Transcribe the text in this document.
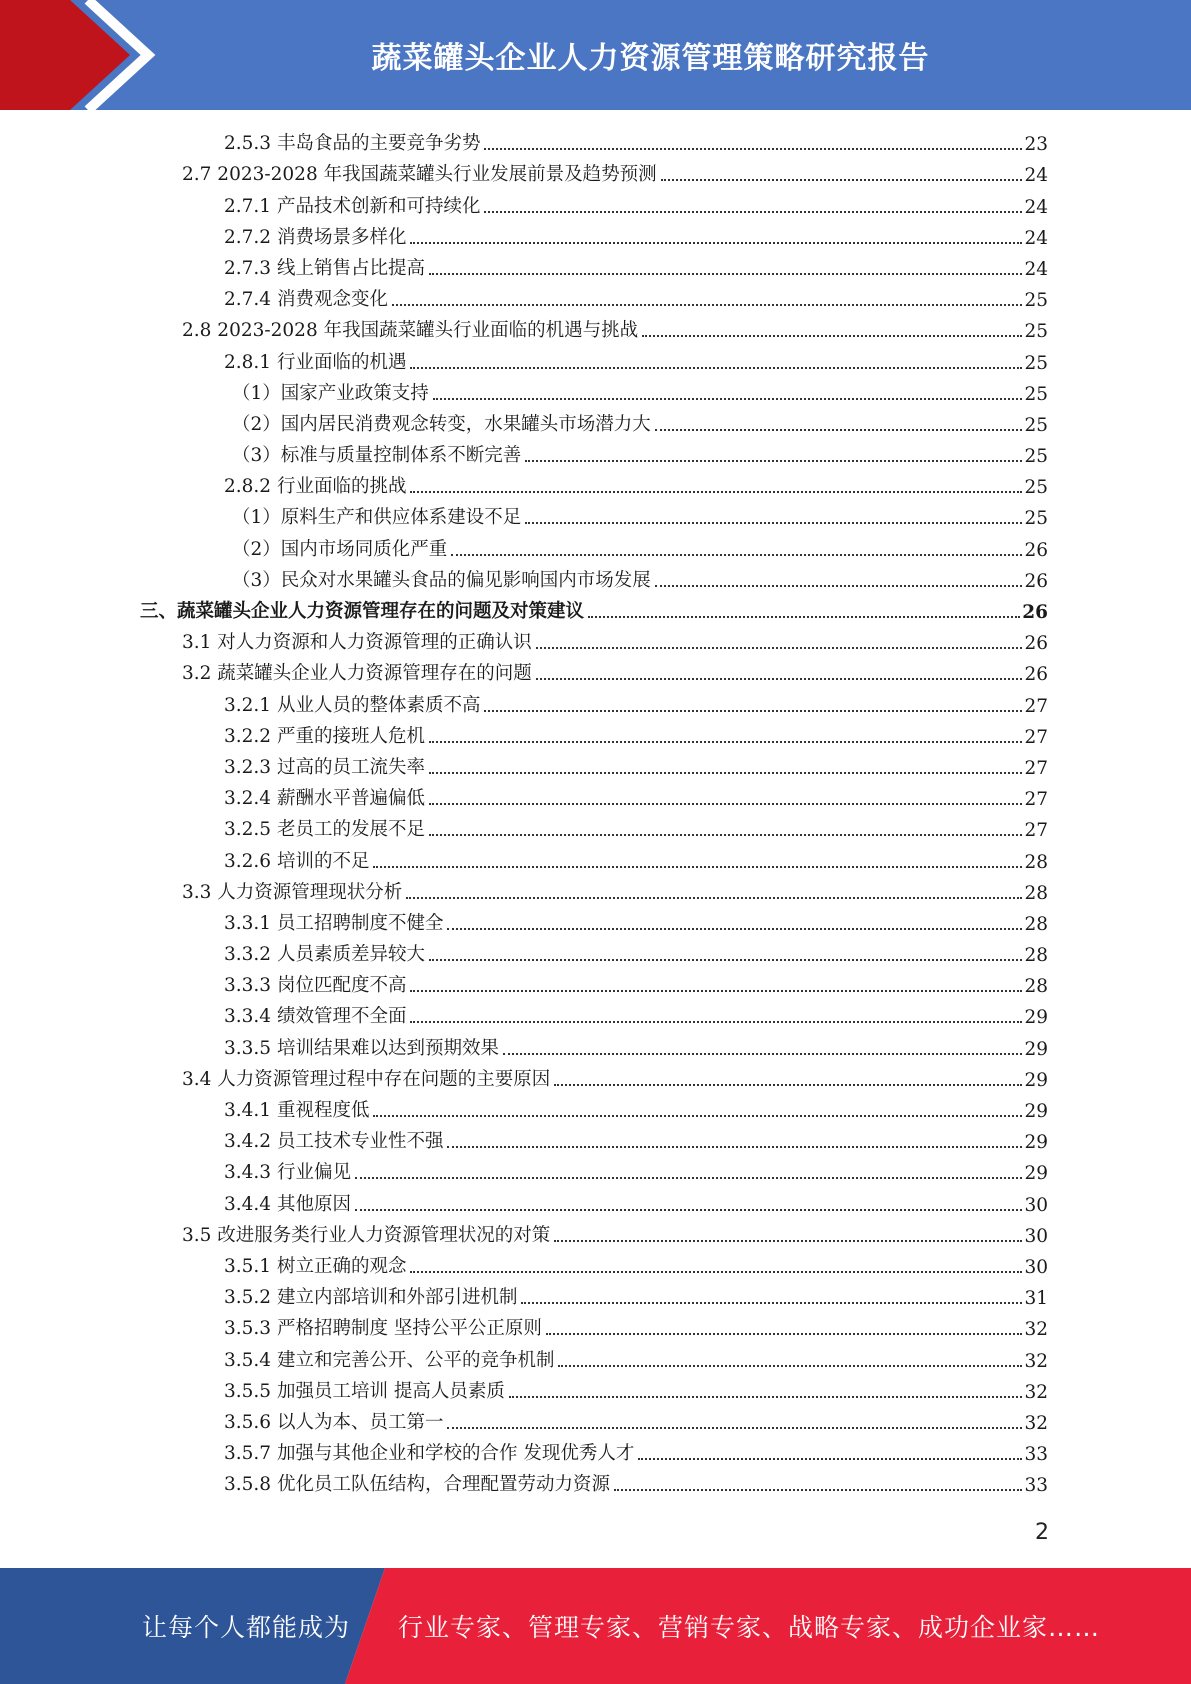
蔬菜罐头企业人力资源管理策略研究报告
2.5.3 丰岛食品的主要竞争劣势	23
2.7 2023-2028 年我国蔬菜罐头行业发展前景及趋势预测	24
2.7.1 产品技术创新和可持续化	24
2.7.2 消费场景多样化	24
2.7.3 线上销售占比提高	24
2.7.4 消费观念变化	25
2.8 2023-2028 年我国蔬菜罐头行业面临的机遇与挑战	25
2.8.1 行业面临的机遇	25
（1）国家产业政策支持	25
（2）国内居民消费观念转变，水果罐头市场潜力大	25
（3）标准与质量控制体系不断完善	25
2.8.2 行业面临的挑战	25
（1）原料生产和供应体系建设不足	25
（2）国内市场同质化严重	26
（3）民众对水果罐头食品的偏见影响国内市场发展	26
三、蔬菜罐头企业人力资源管理存在的问题及对策建议	26
3.1 对人力资源和人力资源管理的正确认识	26
3.2 蔬菜罐头企业人力资源管理存在的问题	26
3.2.1 从业人员的整体素质不高	27
3.2.2 严重的接班人危机	27
3.2.3 过高的员工流失率	27
3.2.4 薪酬水平普遍偏低	27
3.2.5 老员工的发展不足	27
3.2.6 培训的不足	28
3.3 人力资源管理现状分析	28
3.3.1 员工招聘制度不健全	28
3.3.2 人员素质差异较大	28
3.3.3 岗位匹配度不高	28
3.3.4 绩效管理不全面	29
3.3.5 培训结果难以达到预期效果	29
3.4 人力资源管理过程中存在问题的主要原因	29
3.4.1 重视程度低	29
3.4.2 员工技术专业性不强	29
3.4.3 行业偏见	29
3.4.4 其他原因	30
3.5 改进服务类行业人力资源管理状况的对策	30
3.5.1 树立正确的观念	30
3.5.2 建立内部培训和外部引进机制	31
3.5.3 严格招聘制度 坚持公平公正原则	32
3.5.4 建立和完善公开、公平的竞争机制	32
3.5.5 加强员工培训 提高人员素质	32
3.5.6 以人为本、员工第一	32
3.5.7 加强与其他企业和学校的合作 发现优秀人才	33
3.5.8 优化员工队伍结构，合理配置劳动力资源	33
2
让每个人都能成为 行业专家、管理专家、营销专家、战略专家、成功企业家……
